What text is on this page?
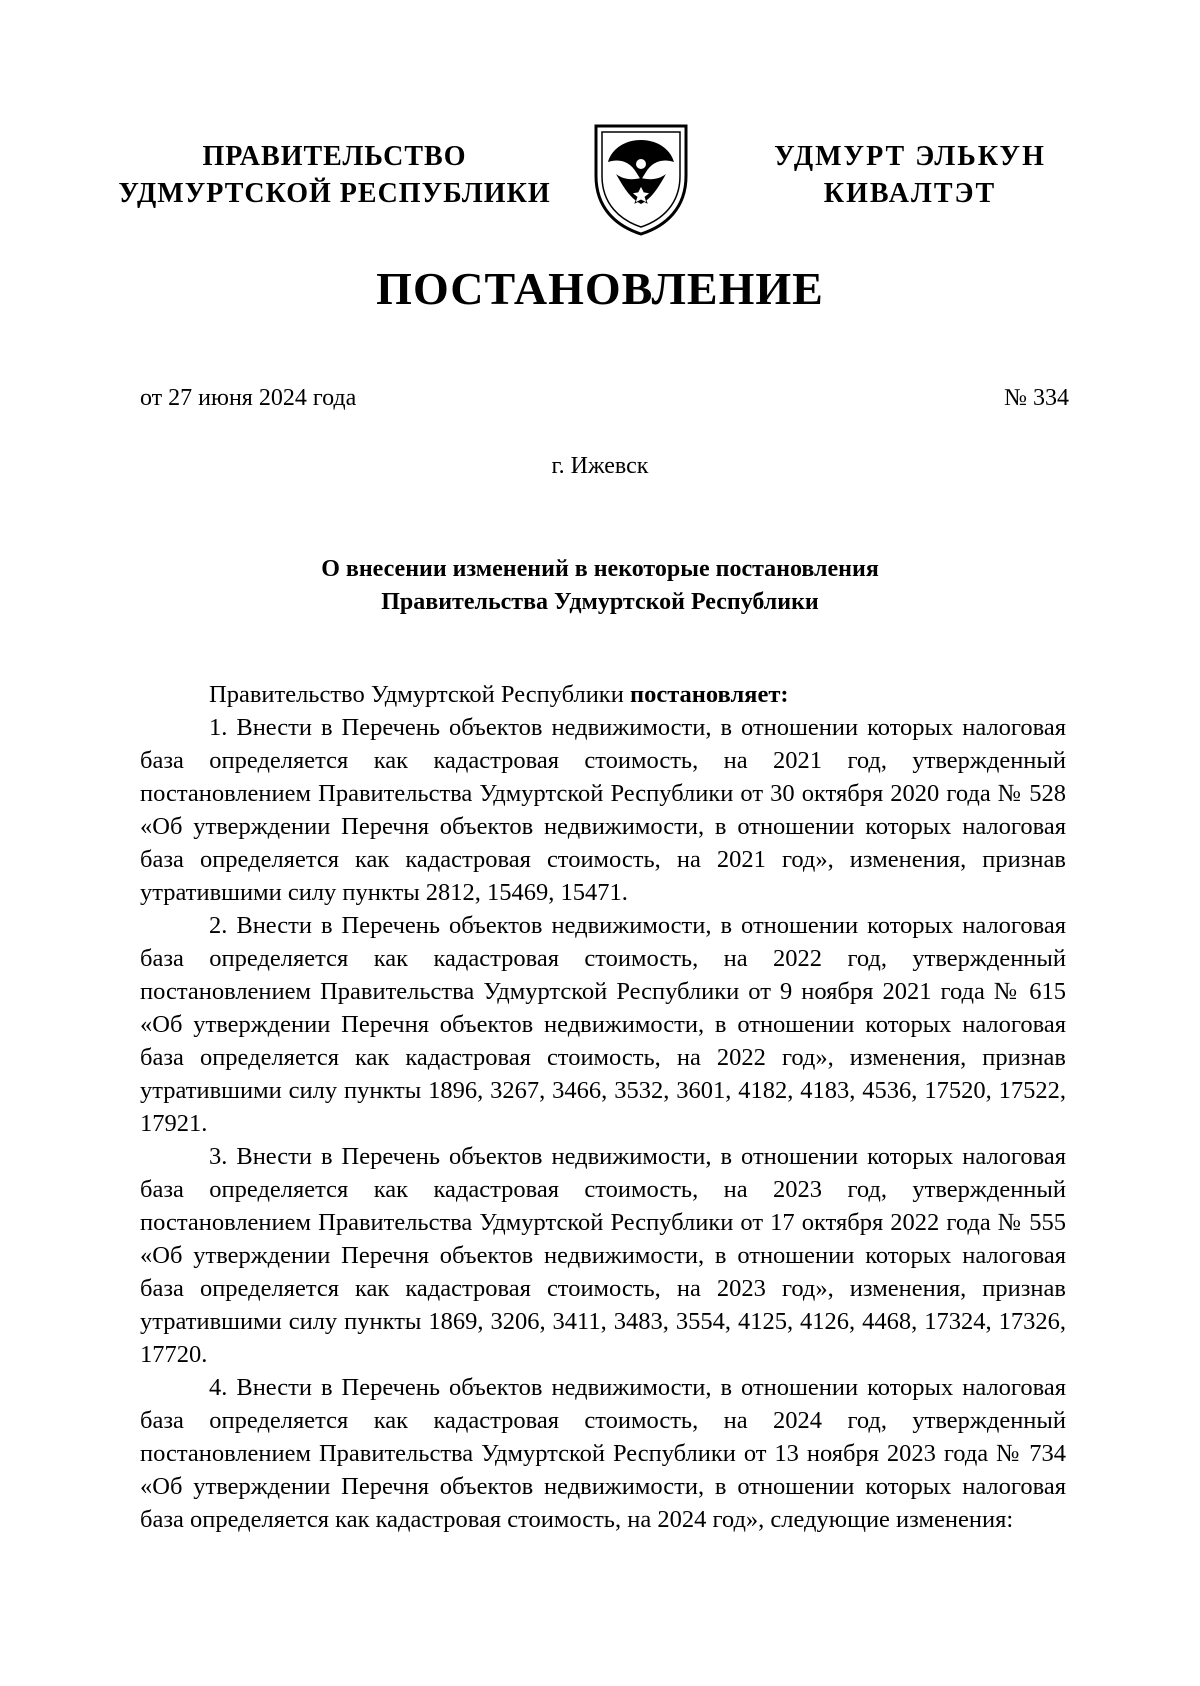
ПРАВИТЕЛЬСТВО
УДМУРТСКОЙ РЕСПУБЛИКИ
УДМУРТ ЭЛЬКУН
КИВАЛТЭТ
ПОСТАНОВЛЕНИЕ
от 27 июня 2024 года	№ 334
г. Ижевск
О внесении изменений в некоторые постановления
Правительства Удмуртской Республики

Правительство Удмуртской Республики постановляет:

1. Внести в Перечень объектов недвижимости, в отношении которых налоговая база определяется как кадастровая стоимость, на 2021 год, утвержденный постановлением Правительства Удмуртской Республики от 30 октября 2020 года № 528 «Об утверждении Перечня объектов недвижимости, в отношении которых налоговая база определяется как кадастровая стоимость, на 2021 год», изменения, признав утратившими силу пункты 2812, 15469, 15471.

2. Внести в Перечень объектов недвижимости, в отношении которых налоговая база определяется как кадастровая стоимость, на 2022 год, утвержденный постановлением Правительства Удмуртской Республики от 9 ноября 2021 года № 615 «Об утверждении Перечня объектов недвижимости, в отношении которых налоговая база определяется как кадастровая стоимость, на 2022 год», изменения, признав утратившими силу пункты 1896, 3267, 3466, 3532, 3601, 4182, 4183, 4536, 17520, 17522, 17921.

3. Внести в Перечень объектов недвижимости, в отношении которых налоговая база определяется как кадастровая стоимость, на 2023 год, утвержденный постановлением Правительства Удмуртской Республики от 17 октября 2022 года № 555 «Об утверждении Перечня объектов недвижимости, в отношении которых налоговая база определяется как кадастровая стоимость, на 2023 год», изменения, признав утратившими силу пункты 1869, 3206, 3411, 3483, 3554, 4125, 4126, 4468, 17324, 17326, 17720.

4. Внести в Перечень объектов недвижимости, в отношении которых налоговая база определяется как кадастровая стоимость, на 2024 год, утвержденный постановлением Правительства Удмуртской Республики от 13 ноября 2023 года № 734 «Об утверждении Перечня объектов недвижимости, в отношении которых налоговая база определяется как кадастровая стоимость, на 2024 год», следующие изменения:
